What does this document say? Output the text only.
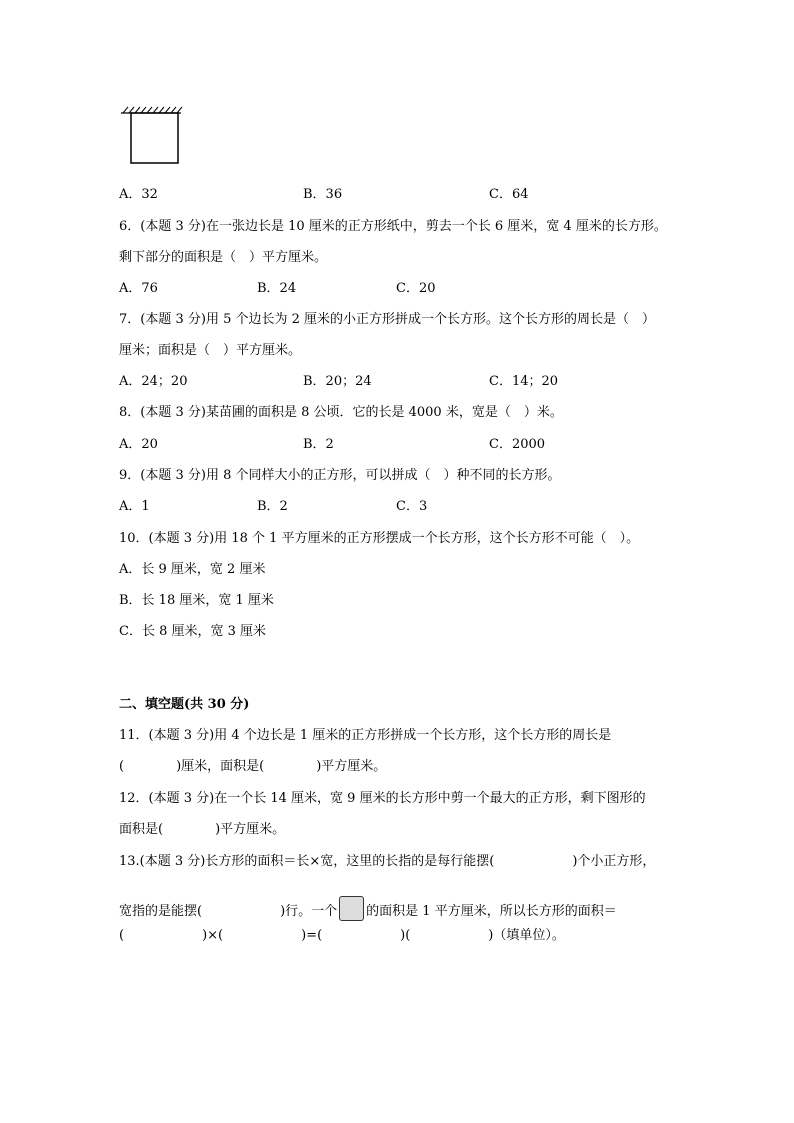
A．32	B．36	C．64
6．(本题 3 分)在一张边长是 10 厘米的正方形纸中，剪去一个长 6 厘米，宽 4 厘米的长方形。
剩下部分的面积是（　）平方厘米。
A．76	B．24	C．20
7．(本题 3 分)用 5 个边长为 2 厘米的小正方形拼成一个长方形。这个长方形的周长是（　）
厘米；面积是（　）平方厘米。
A．24；20	B．20；24	C．14；20
8．(本题 3 分)某苗圃的面积是 8 公顷．它的长是 4000 米，宽是（　）米。
A．20	B．2	C．2000
9．(本题 3 分)用 8 个同样大小的正方形，可以拼成（　）种不同的长方形。
A．1	B．2	C．3
10．(本题 3 分)用 18 个 1 平方厘米的正方形摆成一个长方形，这个长方形不可能（　）。
A．长 9 厘米，宽 2 厘米
B．长 18 厘米，宽 1 厘米
C．长 8 厘米，宽 3 厘米
二、填空题(共 30 分)
11．(本题 3 分)用 4 个边长是 1 厘米的正方形拼成一个长方形，这个长方形的周长是
(　　　　)厘米，面积是(　　　　)平方厘米。
12．(本题 3 分)在一个长 14 厘米，宽 9 厘米的长方形中剪一个最大的正方形，剩下图形的
面积是(　　　　)平方厘米。
13.(本题 3 分)长方形的面积＝长×宽，这里的长指的是每行能摆(　　　　　　)个小正方形，
宽指的是能摆(　　　　　　)行。一个 的面积是 1 平方厘米，所以长方形的面积＝
(　　　　　　)×(　　　　　　)=(　　　　　　)(　　　　　　)（填单位）。
